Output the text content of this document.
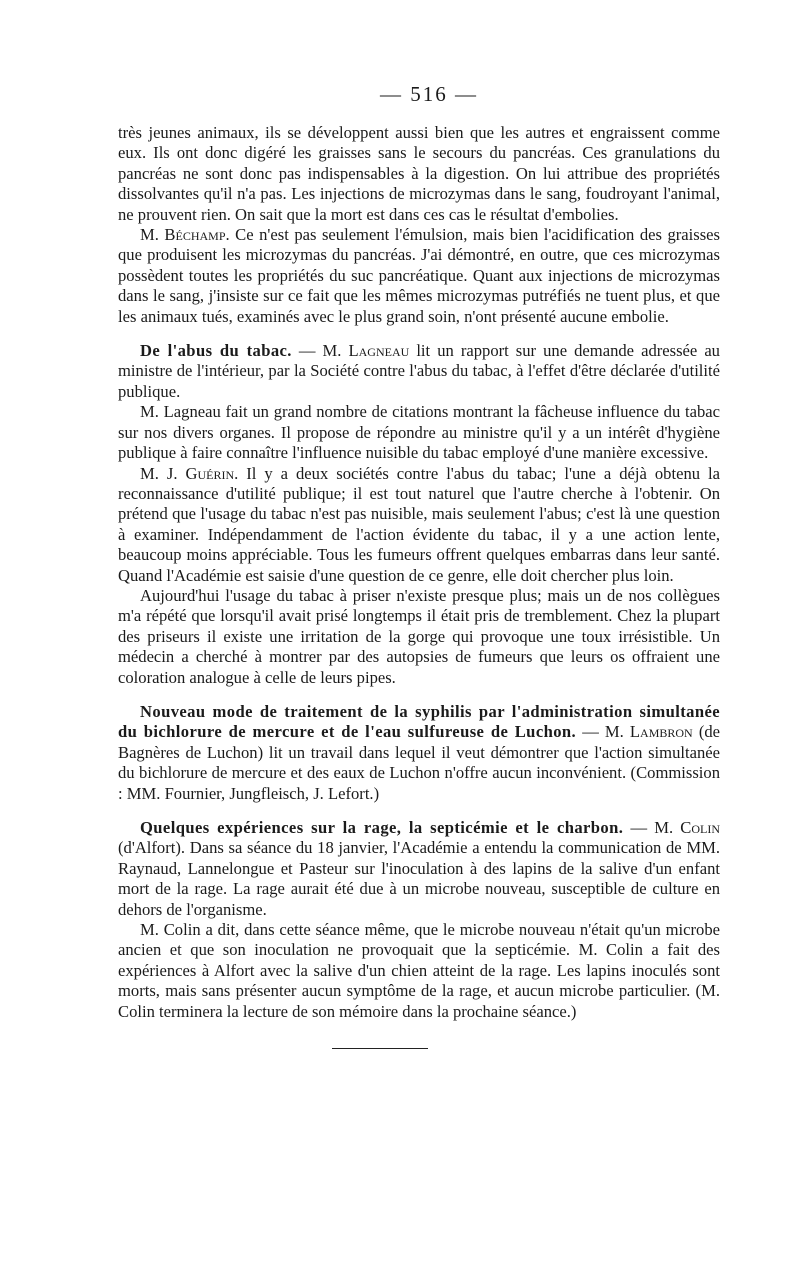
— 516 —

très jeunes animaux, ils se développent aussi bien que les autres et engraissent comme eux. Ils ont donc digéré les graisses sans le secours du pancréas. Ces granulations du pancréas ne sont donc pas indispensables à la digestion. On lui attribue des propriétés dissolvantes qu'il n'a pas. Les injections de microzymas dans le sang, foudroyant l'animal, ne prouvent rien. On sait que la mort est dans ces cas le résultat d'embolies.

M. Béchamp. Ce n'est pas seulement l'émulsion, mais bien l'acidification des graisses que produisent les microzymas du pancréas. J'ai démontré, en outre, que ces microzymas possèdent toutes les propriétés du suc pancréatique. Quant aux injections de microzymas dans le sang, j'insiste sur ce fait que les mêmes microzymas putréfiés ne tuent plus, et que les animaux tués, examinés avec le plus grand soin, n'ont présenté aucune embolie.

De l'abus du tabac. — M. Lagneau lit un rapport sur une demande adressée au ministre de l'intérieur, par la Société contre l'abus du tabac, à l'effet d'être déclarée d'utilité publique.

M. Lagneau fait un grand nombre de citations montrant la fâcheuse influence du tabac sur nos divers organes. Il propose de répondre au ministre qu'il y a un intérêt d'hygiène publique à faire connaître l'influence nuisible du tabac employé d'une manière excessive.

M. J. Guérin. Il y a deux sociétés contre l'abus du tabac; l'une a déjà obtenu la reconnaissance d'utilité publique; il est tout naturel que l'autre cherche à l'obtenir. On prétend que l'usage du tabac n'est pas nuisible, mais seulement l'abus; c'est là une question à examiner. Indépendamment de l'action évidente du tabac, il y a une action lente, beaucoup moins appréciable. Tous les fumeurs offrent quelques embarras dans leur santé. Quand l'Académie est saisie d'une question de ce genre, elle doit chercher plus loin.

Aujourd'hui l'usage du tabac à priser n'existe presque plus; mais un de nos collègues m'a répété que lorsqu'il avait prisé longtemps il était pris de tremblement. Chez la plupart des priseurs il existe une irritation de la gorge qui provoque une toux irrésistible. Un médecin a cherché à montrer par des autopsies de fumeurs que leurs os offraient une coloration analogue à celle de leurs pipes.

Nouveau mode de traitement de la syphilis par l'administration simultanée du bichlorure de mercure et de l'eau sulfureuse de Luchon. — M. Lambron (de Bagnères de Luchon) lit un travail dans lequel il veut démontrer que l'action simultanée du bichlorure de mercure et des eaux de Luchon n'offre aucun inconvénient. (Commission : MM. Fournier, Jungfleisch, J. Lefort.)

Quelques expériences sur la rage, la septicémie et le charbon. — M. Colin (d'Alfort). Dans sa séance du 18 janvier, l'Académie a entendu la communication de MM. Raynaud, Lannelongue et Pasteur sur l'inoculation à des lapins de la salive d'un enfant mort de la rage. La rage aurait été due à un microbe nouveau, susceptible de culture en dehors de l'organisme.

M. Colin a dit, dans cette séance même, que le microbe nouveau n'était qu'un microbe ancien et que son inoculation ne provoquait que la septicémie. M. Colin a fait des expériences à Alfort avec la salive d'un chien atteint de la rage. Les lapins inoculés sont morts, mais sans présenter aucun symptôme de la rage, et aucun microbe particulier. (M. Colin terminera la lecture de son mémoire dans la prochaine séance.)
